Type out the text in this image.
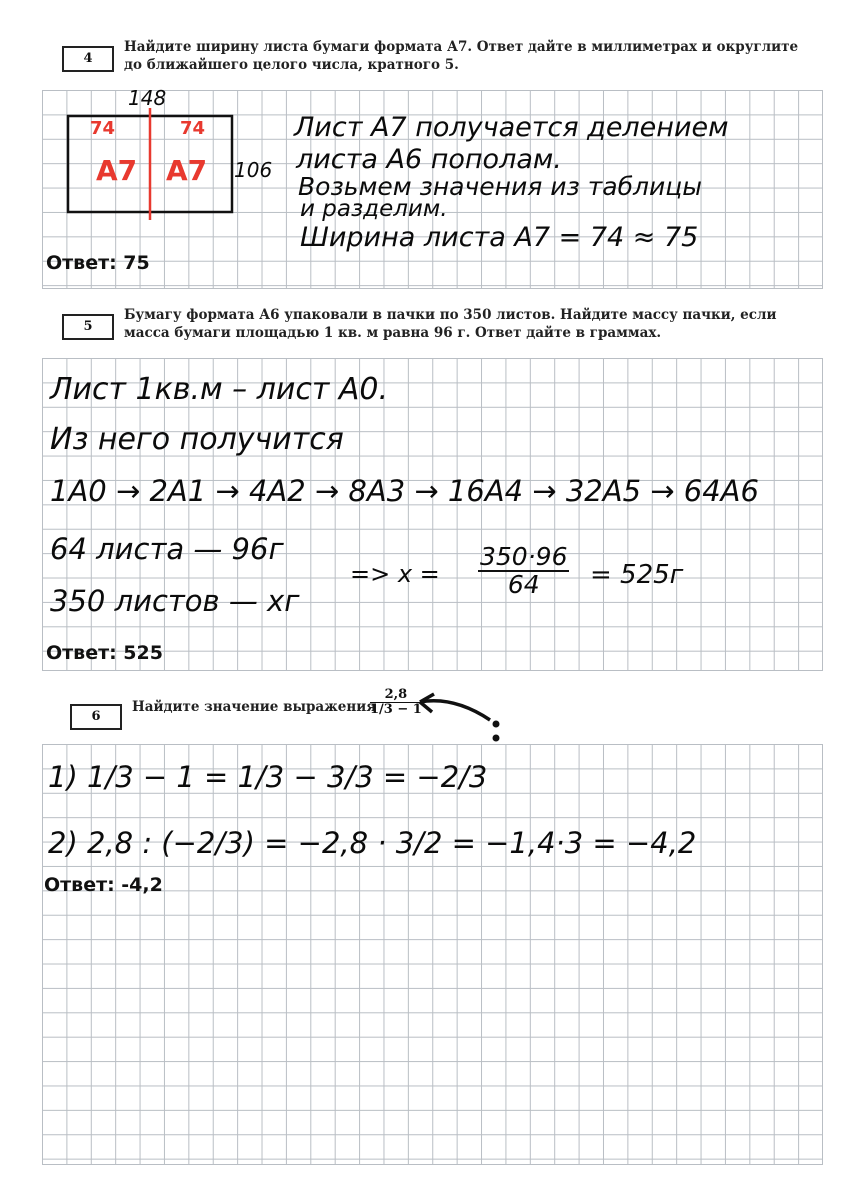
4
Найдите ширину листа бумаги формата А7. Ответ дайте в миллиметрах и округлите до ближайшего целого числа, кратного 5.
148
74	74
А7 А7 106
Лист А7 получается делением
листа А6 пополам.
Возьмем значения из таблицы
и разделим.
Ширина листа А7 = 74 ≈ 75
Ответ: 75
5
Бумагу формата А6 упаковали в пачки по 350 листов. Найдите массу пачки, если масса бумаги площадью 1 кв. м равна 96 г. Ответ дайте в граммах.
Лист 1кв.м – лист А0.
Из него получится
1А0 → 2А1 → 4А2 → 8А3 → 16А4 → 32А5 → 64А6
64 листа — 96г
350 листов — xг
=> $x = \frac{350\cdot 96}{64} = 525г$
Ответ: 525
6
Найдите значение выражения
$\frac{2,8}{1/3 - 1}$
1) 1/3 − 1 = 1/3 − 3/3 = −2/3
2) 2,8 : (−2/3) = −2,8 · 3/2 = −1,4·3 = −4,2
Ответ: -4,2
